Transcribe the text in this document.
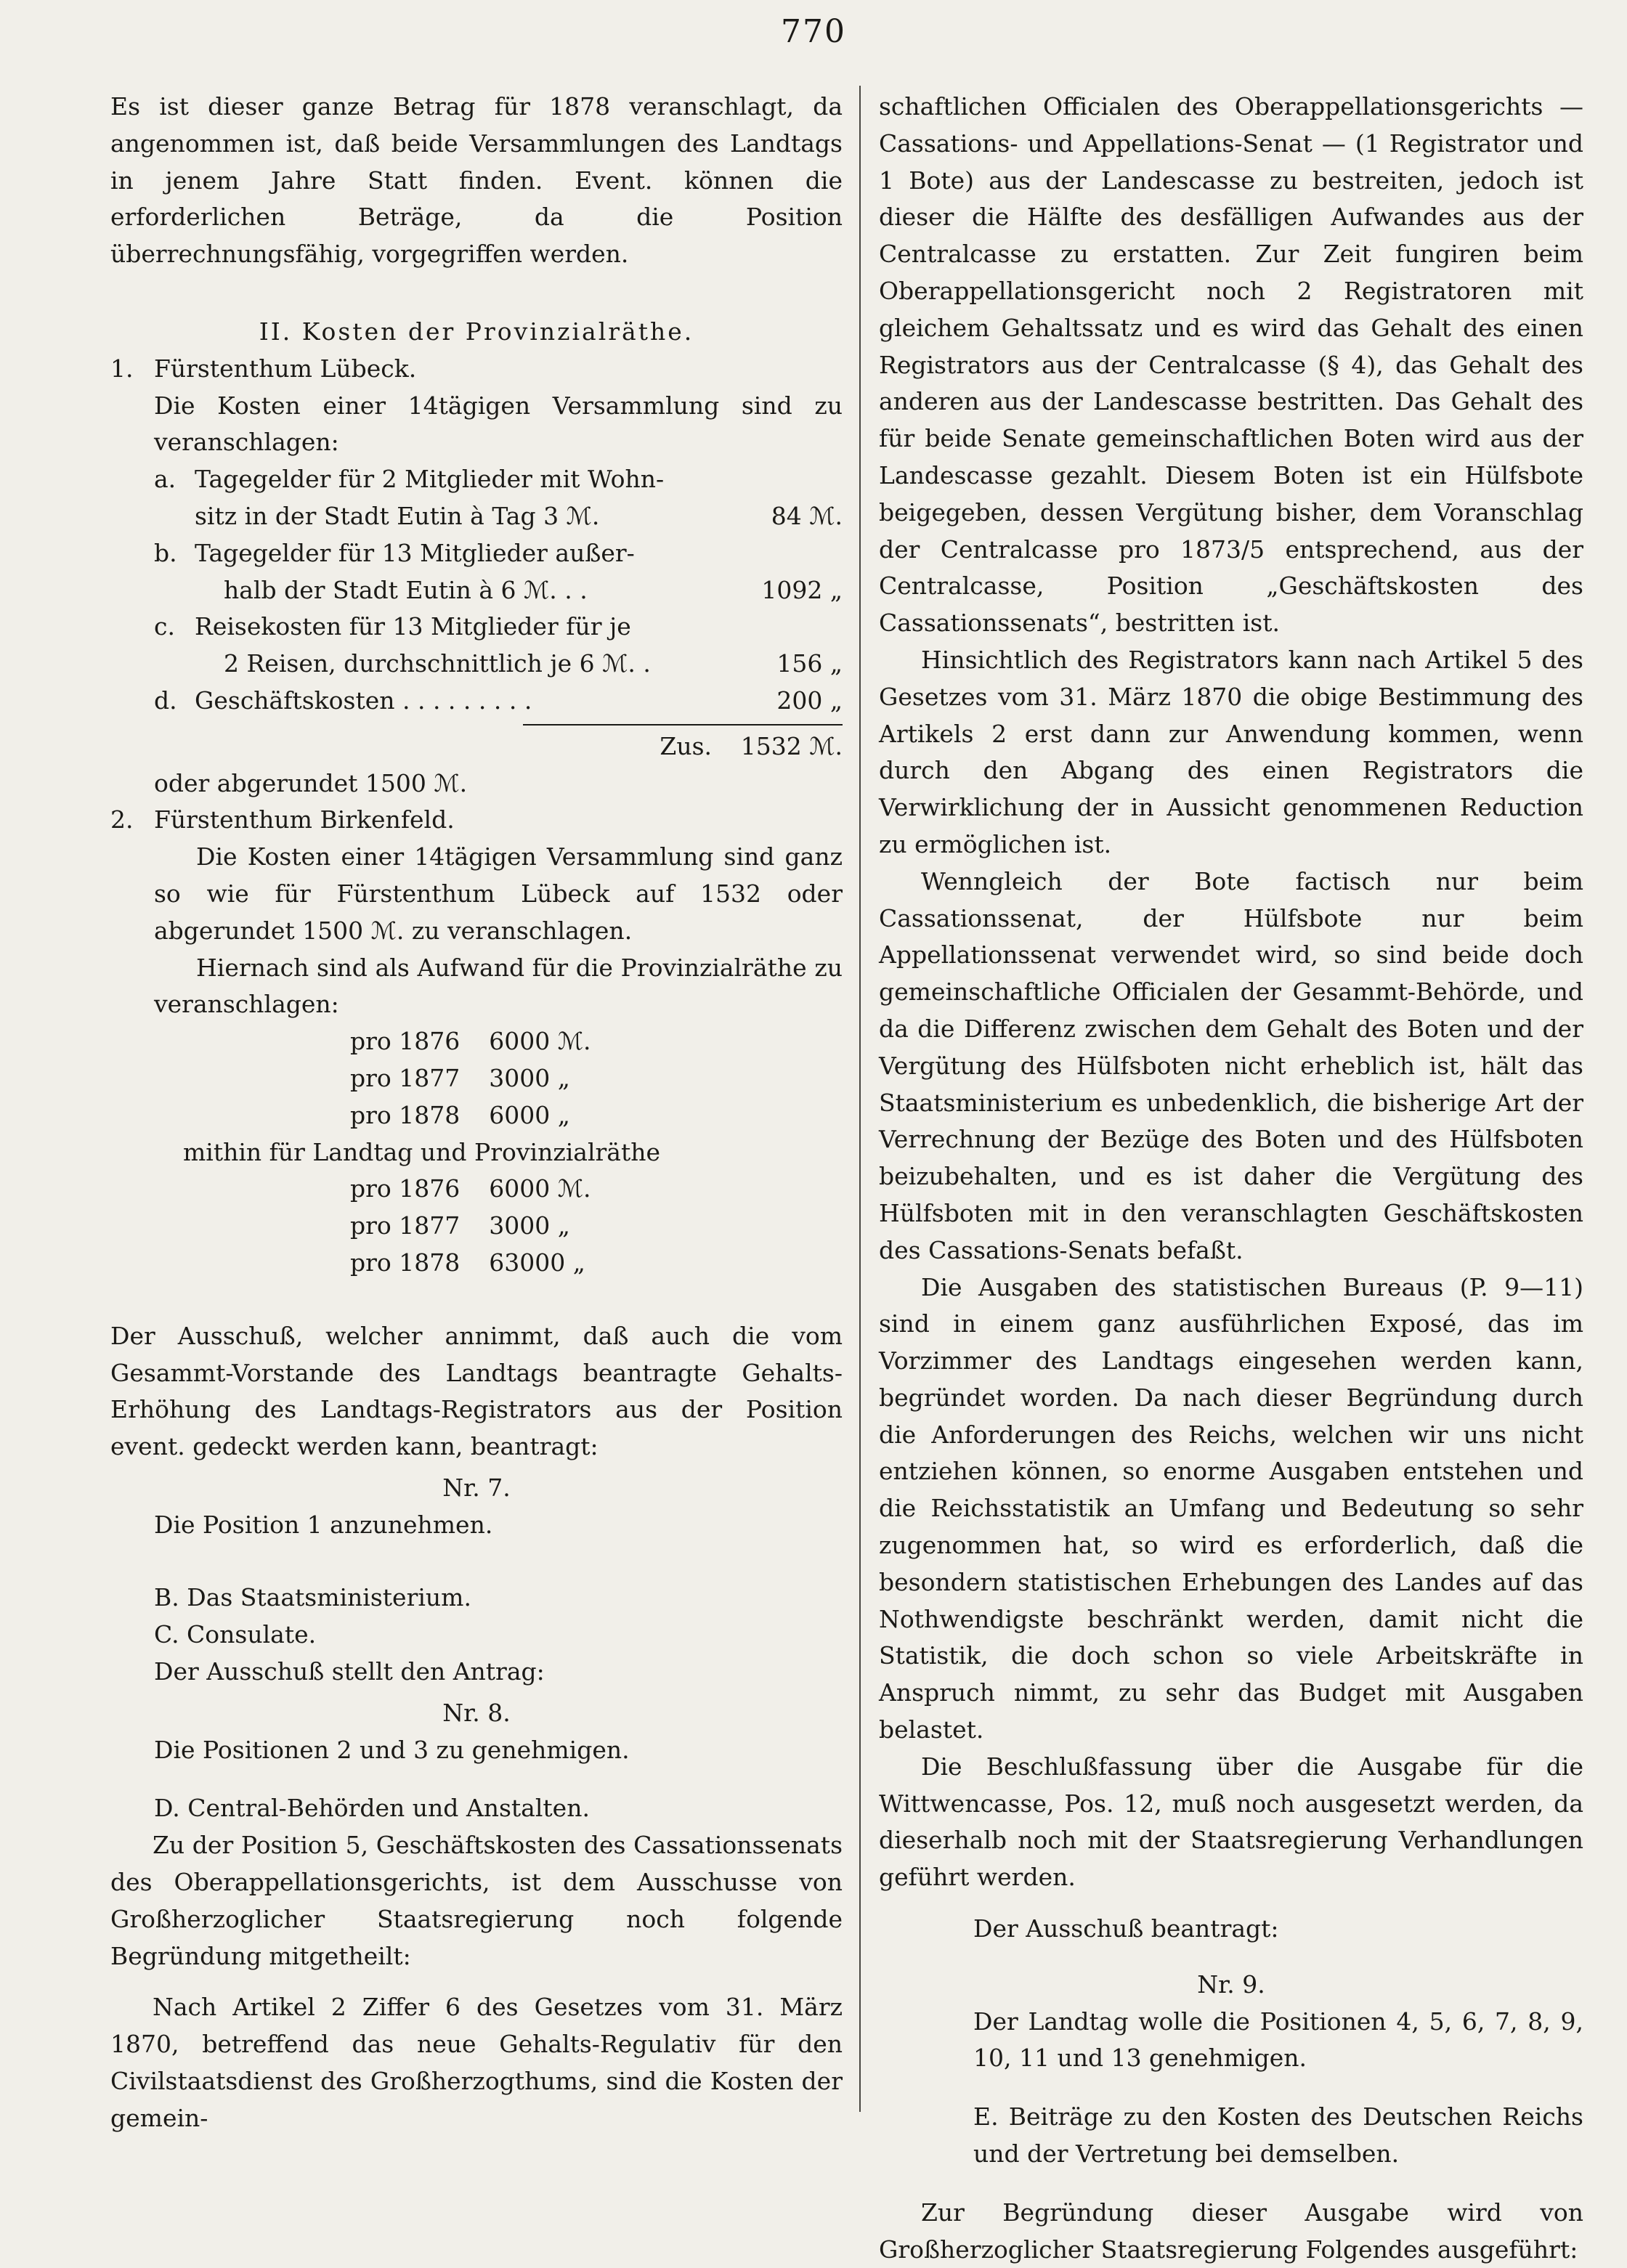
770

Es ist dieser ganze Betrag für 1878 veranschlagt, da angenommen ist, daß beide Versammlungen des Landtags in jenem Jahre Statt finden. Event. können die erforderlichen Beträge, da die Position überrechnungsfähig, vorgegriffen werden.

II. Kosten der Provinzialräthe.

1. Fürstenthum Lübeck.

Die Kosten einer 14tägigen Versammlung sind zu veranschlagen:

a. Tagegelder für 2 Mitglieder mit Wohn-
sitz in der Stadt Eutin à Tag 3 ℳ.	84 ℳ.
b. Tagegelder für 13 Mitglieder außer-
halb der Stadt Eutin à 6 ℳ. . .	1092 „
c. Reisekosten für 13 Mitglieder für je
2 Reisen, durchschnittlich je 6 ℳ. .	156 „
d. Geschäftskosten . . . . . . . . .	200 „
Zus.	1532 ℳ.

oder abgerundet 1500 ℳ.

2. Fürstenthum Birkenfeld.

Die Kosten einer 14tägigen Versammlung sind ganz so wie für Fürstenthum Lübeck auf 1532 oder abgerundet 1500 ℳ. zu veranschlagen.

Hiernach sind als Aufwand für die Provinzialräthe zu veranschlagen:

pro 1876 6000 ℳ.
pro 1877 3000 „
pro 1878 6000 „

mithin für Landtag und Provinzialräthe

pro 1876 6000 ℳ.
pro 1877 3000 „
pro 1878 63000 „

Der Ausschuß, welcher annimmt, daß auch die vom Gesammt-Vorstande des Landtags beantragte Gehalts-Erhöhung des Landtags-Registrators aus der Position event. gedeckt werden kann, beantragt:

Nr. 7.

Die Position 1 anzunehmen.

B. Das Staatsministerium.

C. Consulate.

Der Ausschuß stellt den Antrag:

Nr. 8.

Die Positionen 2 und 3 zu genehmigen.

D. Central-Behörden und Anstalten.

Zu der Position 5, Geschäftskosten des Cassationssenats des Oberappellationsgerichts, ist dem Ausschusse von Großherzoglicher Staatsregierung noch folgende Begründung mitgetheilt:

Nach Artikel 2 Ziffer 6 des Gesetzes vom 31. März 1870, betreffend das neue Gehalts-Regulativ für den Civilstaatsdienst des Großherzogthums, sind die Kosten der gemein-

schaftlichen Officialen des Oberappellationsgerichts — Cassations- und Appellations-Senat — (1 Registrator und 1 Bote) aus der Landescasse zu bestreiten, jedoch ist dieser die Hälfte des desfälligen Aufwandes aus der Centralcasse zu erstatten. Zur Zeit fungiren beim Oberappellationsgericht noch 2 Registratoren mit gleichem Gehaltssatz und es wird das Gehalt des einen Registrators aus der Centralcasse (§ 4), das Gehalt des anderen aus der Landescasse bestritten. Das Gehalt des für beide Senate gemeinschaftlichen Boten wird aus der Landescasse gezahlt. Diesem Boten ist ein Hülfsbote beigegeben, dessen Vergütung bisher, dem Voranschlag der Centralcasse pro 1873/5 entsprechend, aus der Centralcasse, Position „Geschäftskosten des Cassationssenats“, bestritten ist.

Hinsichtlich des Registrators kann nach Artikel 5 des Gesetzes vom 31. März 1870 die obige Bestimmung des Artikels 2 erst dann zur Anwendung kommen, wenn durch den Abgang des einen Registrators die Verwirklichung der in Aussicht genommenen Reduction zu ermöglichen ist.

Wenngleich der Bote factisch nur beim Cassationssenat, der Hülfsbote nur beim Appellationssenat verwendet wird, so sind beide doch gemeinschaftliche Officialen der Gesammt-Behörde, und da die Differenz zwischen dem Gehalt des Boten und der Vergütung des Hülfsboten nicht erheblich ist, hält das Staatsministerium es unbedenklich, die bisherige Art der Verrechnung der Bezüge des Boten und des Hülfsboten beizubehalten, und es ist daher die Vergütung des Hülfsboten mit in den veranschlagten Geschäftskosten des Cassations-Senats befaßt.

Die Ausgaben des statistischen Bureaus (P. 9—11) sind in einem ganz ausführlichen Exposé, das im Vorzimmer des Landtags eingesehen werden kann, begründet worden. Da nach dieser Begründung durch die Anforderungen des Reichs, welchen wir uns nicht entziehen können, so enorme Ausgaben entstehen und die Reichsstatistik an Umfang und Bedeutung so sehr zugenommen hat, so wird es erforderlich, daß die besondern statistischen Erhebungen des Landes auf das Nothwendigste beschränkt werden, damit nicht die Statistik, die doch schon so viele Arbeitskräfte in Anspruch nimmt, zu sehr das Budget mit Ausgaben belastet.

Die Beschlußfassung über die Ausgabe für die Wittwencasse, Pos. 12, muß noch ausgesetzt werden, da dieserhalb noch mit der Staatsregierung Verhandlungen geführt werden.

Der Ausschuß beantragt:

Nr. 9.

Der Landtag wolle die Positionen 4, 5, 6, 7, 8, 9, 10, 11 und 13 genehmigen.

E. Beiträge zu den Kosten des Deutschen Reichs und der Vertretung bei demselben.

Zur Begründung dieser Ausgabe wird von Großherzoglicher Staatsregierung Folgendes ausgeführt:
